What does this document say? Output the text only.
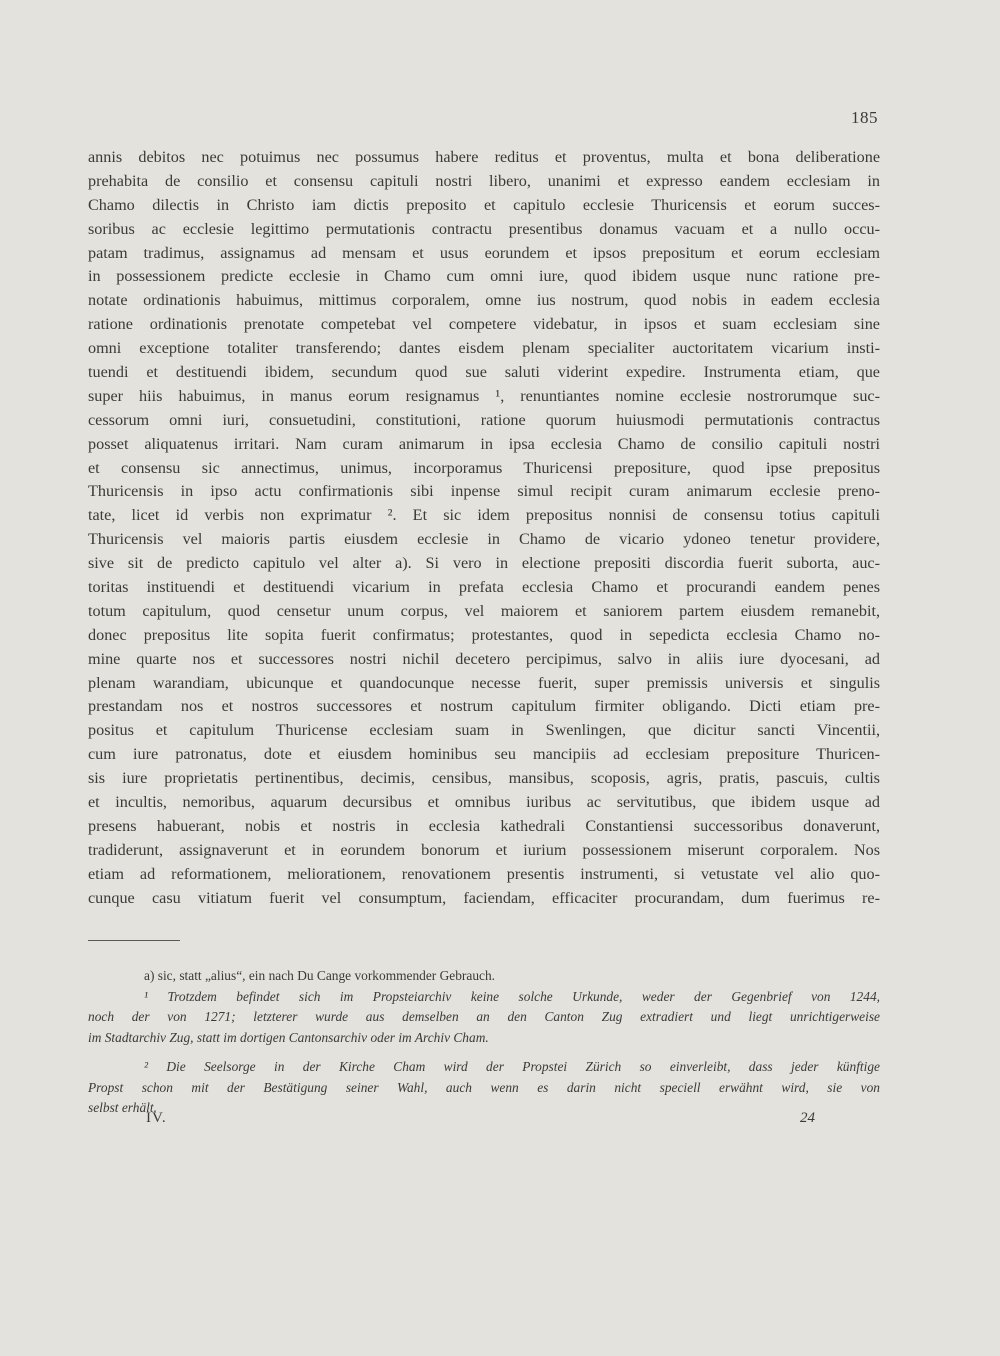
185
annis debitos nec potuimus nec possumus habere reditus et proventus, multa et bona deliberatione
prehabita de consilio et consensu capituli nostri libero, unanimi et expresso eandem ecclesiam in
Chamo dilectis in Christo iam dictis preposito et capitulo ecclesie Thuricensis et eorum succes-
soribus ac ecclesie legittimo permutationis contractu presentibus donamus vacuam et a nullo occu-
patam tradimus, assignamus ad mensam et usus eorundem et ipsos prepositum et eorum ecclesiam
in possessionem predicte ecclesie in Chamo cum omni iure, quod ibidem usque nunc ratione pre-
notate ordinationis habuimus, mittimus corporalem, omne ius nostrum, quod nobis in eadem ecclesia
ratione ordinationis prenotate competebat vel competere videbatur, in ipsos et suam ecclesiam sine
omni exceptione totaliter transferendo; dantes eisdem plenam specialiter auctoritatem vicarium insti-
tuendi et destituendi ibidem, secundum quod sue saluti viderint expedire. Instrumenta etiam, que
super hiis habuimus, in manus eorum resignamus ¹, renuntiantes nomine ecclesie nostrorumque suc-
cessorum omni iuri, consuetudini, constitutioni, ratione quorum huiusmodi permutationis contractus
posset aliquatenus irritari. Nam curam animarum in ipsa ecclesia Chamo de consilio capituli nostri
et consensu sic annectimus, unimus, incorporamus Thuricensi prepositure, quod ipse prepositus
Thuricensis in ipso actu confirmationis sibi inpense simul recipit curam animarum ecclesie preno-
tate, licet id verbis non exprimatur ². Et sic idem prepositus nonnisi de consensu totius capituli
Thuricensis vel maioris partis eiusdem ecclesie in Chamo de vicario ydoneo tenetur providere,
sive sit de predicto capitulo vel alter a). Si vero in electione prepositi discordia fuerit suborta, auc-
toritas instituendi et destituendi vicarium in prefata ecclesia Chamo et procurandi eandem penes
totum capitulum, quod censetur unum corpus, vel maiorem et saniorem partem eiusdem remanebit,
donec prepositus lite sopita fuerit confirmatus; protestantes, quod in sepedicta ecclesia Chamo no-
mine quarte nos et successores nostri nichil decetero percipimus, salvo in aliis iure dyocesani, ad
plenam warandiam, ubicunque et quandocunque necesse fuerit, super premissis universis et singulis
prestandam nos et nostros successores et nostrum capitulum firmiter obligando. Dicti etiam pre-
positus et capitulum Thuricense ecclesiam suam in Swenlingen, que dicitur sancti Vincentii,
cum iure patronatus, dote et eiusdem hominibus seu mancipiis ad ecclesiam prepositure Thuricen-
sis iure proprietatis pertinentibus, decimis, censibus, mansibus, scoposis, agris, pratis, pascuis, cultis
et incultis, nemoribus, aquarum decursibus et omnibus iuribus ac servitutibus, que ibidem usque ad
presens habuerant, nobis et nostris in ecclesia kathedrali Constantiensi successoribus donaverunt,
tradiderunt, assignaverunt et in eorundem bonorum et iurium possessionem miserunt corporalem. Nos
etiam ad reformationem, meliorationem, renovationem presentis instrumenti, si vetustate vel alio quo-
cunque casu vitiatum fuerit vel consumptum, faciendam, efficaciter procurandam, dum fuerimus re-
a) sic, statt „alius“, ein nach Du Cange vorkommender Gebrauch.
¹ Trotzdem befindet sich im Propsteiarchiv keine solche Urkunde, weder der Gegenbrief von 1244,
noch der von 1271; letzterer wurde aus demselben an den Canton Zug extradiert und liegt unrichtigerweise
im Stadtarchiv Zug, statt im dortigen Cantonsarchiv oder im Archiv Cham.
² Die Seelsorge in der Kirche Cham wird der Propstei Zürich so einverleibt, dass jeder künftige
Propst schon mit der Bestätigung seiner Wahl, auch wenn es darin nicht speciell erwähnt wird, sie von
selbst erhält.
IV.	24
